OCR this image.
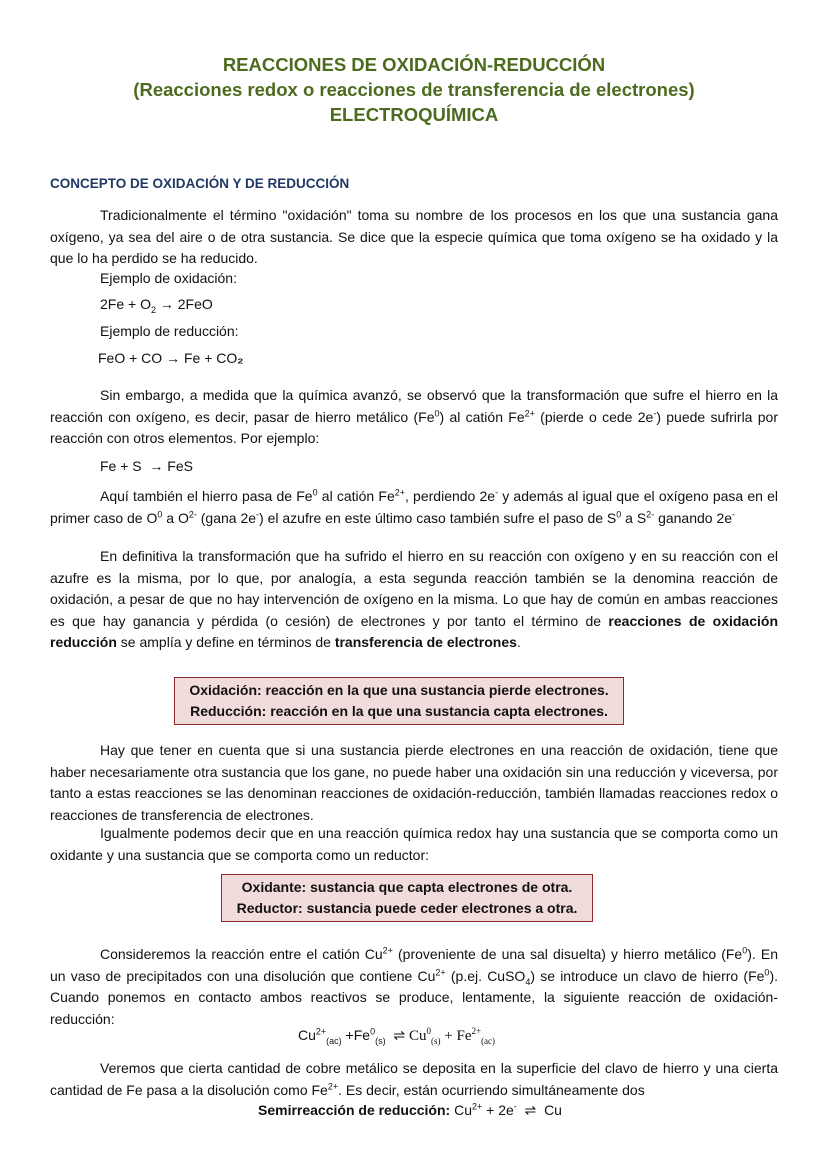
REACCIONES DE OXIDACIÓN-REDUCCIÓN
(Reacciones redox o reacciones de transferencia de electrones)
ELECTROQUÍMICA
CONCEPTO DE OXIDACIÓN Y DE REDUCCIÓN
Tradicionalmente el término "oxidación" toma su nombre de los procesos en los que una sustancia gana oxígeno, ya sea del aire o de otra sustancia. Se dice que la especie química que toma oxígeno se ha oxidado y la que lo ha perdido se ha reducido.
Ejemplo de oxidación:
$2Fe + O_2 \to 2FeO$
Ejemplo de reducción:
FeO + CO → Fe + CO₂
Sin embargo, a medida que la química avanzó, se observó que la transformación que sufre el hierro en la reacción con oxígeno, es decir, pasar de hierro metálico (Fe$^0$) al catión $Fe^{2+}$ (pierde o cede 2e-) puede sufrirla por reacción con otros elementos. Por ejemplo:
Fe + S  → FeS
Aquí también el hierro pasa de Fe$^0$ al catión $Fe^{2+}$, perdiendo 2e- y además al igual que el oxígeno pasa en el primer caso de $O^0$ a $O^{2-}$ (gana 2e-) el azufre en este último caso también sufre el paso de $S^0$ a $S^{2-}$ ganando 2e-
En definitiva la transformación que ha sufrido el hierro en su reacción con oxígeno y en su reacción con el azufre es la misma, por lo que, por analogía, a esta segunda reacción también se la denomina reacción de oxidación, a pesar de que no hay intervención de oxígeno en la misma. Lo que hay de común en ambas reacciones es que hay ganancia y pérdida (o cesión) de electrones y por tanto el término de reacciones de oxidación reducción se amplía y define en términos de transferencia de electrones.
Oxidación: reacción en la que una sustancia pierde electrones.
Reducción: reacción en la que una sustancia capta electrones.
Hay que tener en cuenta que si una sustancia pierde electrones en una reacción de oxidación, tiene que haber necesariamente otra sustancia que los gane, no puede haber una oxidación sin una reducción y viceversa, por tanto a estas reacciones se las denominan reacciones de oxidación-reducción, también llamadas reacciones redox o reacciones de transferencia de electrones.
Igualmente podemos decir que en una reacción química redox hay una sustancia que se comporta como un oxidante y una sustancia que se comporta como un reductor:
Oxidante: sustancia que capta electrones de otra.
Reductor: sustancia puede ceder electrones a otra.
Consideremos la reacción entre el catión $Cu^{2+}$ (proveniente de una sal disuelta) y hierro metálico (Fe$^0$). En un vaso de precipitados con una disolución que contiene $Cu^{2+}$ (p.ej. CuSO$_4$) se introduce un clavo de hierro (Fe$^0$). Cuando ponemos en contacto ambos reactivos se produce, lentamente, la siguiente reacción de oxidación-reducción:
$Cu^{2+}_{(ac)} +Fe^0_{(s)}$  ⇌ $Cu^0_{(s)} + Fe^{2+}_{(ac)}$
Veremos que cierta cantidad de cobre metálico se deposita en la superficie del clavo de hierro y una cierta cantidad de Fe pasa a la disolución como $Fe^{2+}$. Es decir, están ocurriendo simultáneamente dos
Semirreacción de reducción: $Cu^{2+} + 2e^-$  ⇌  Cu
